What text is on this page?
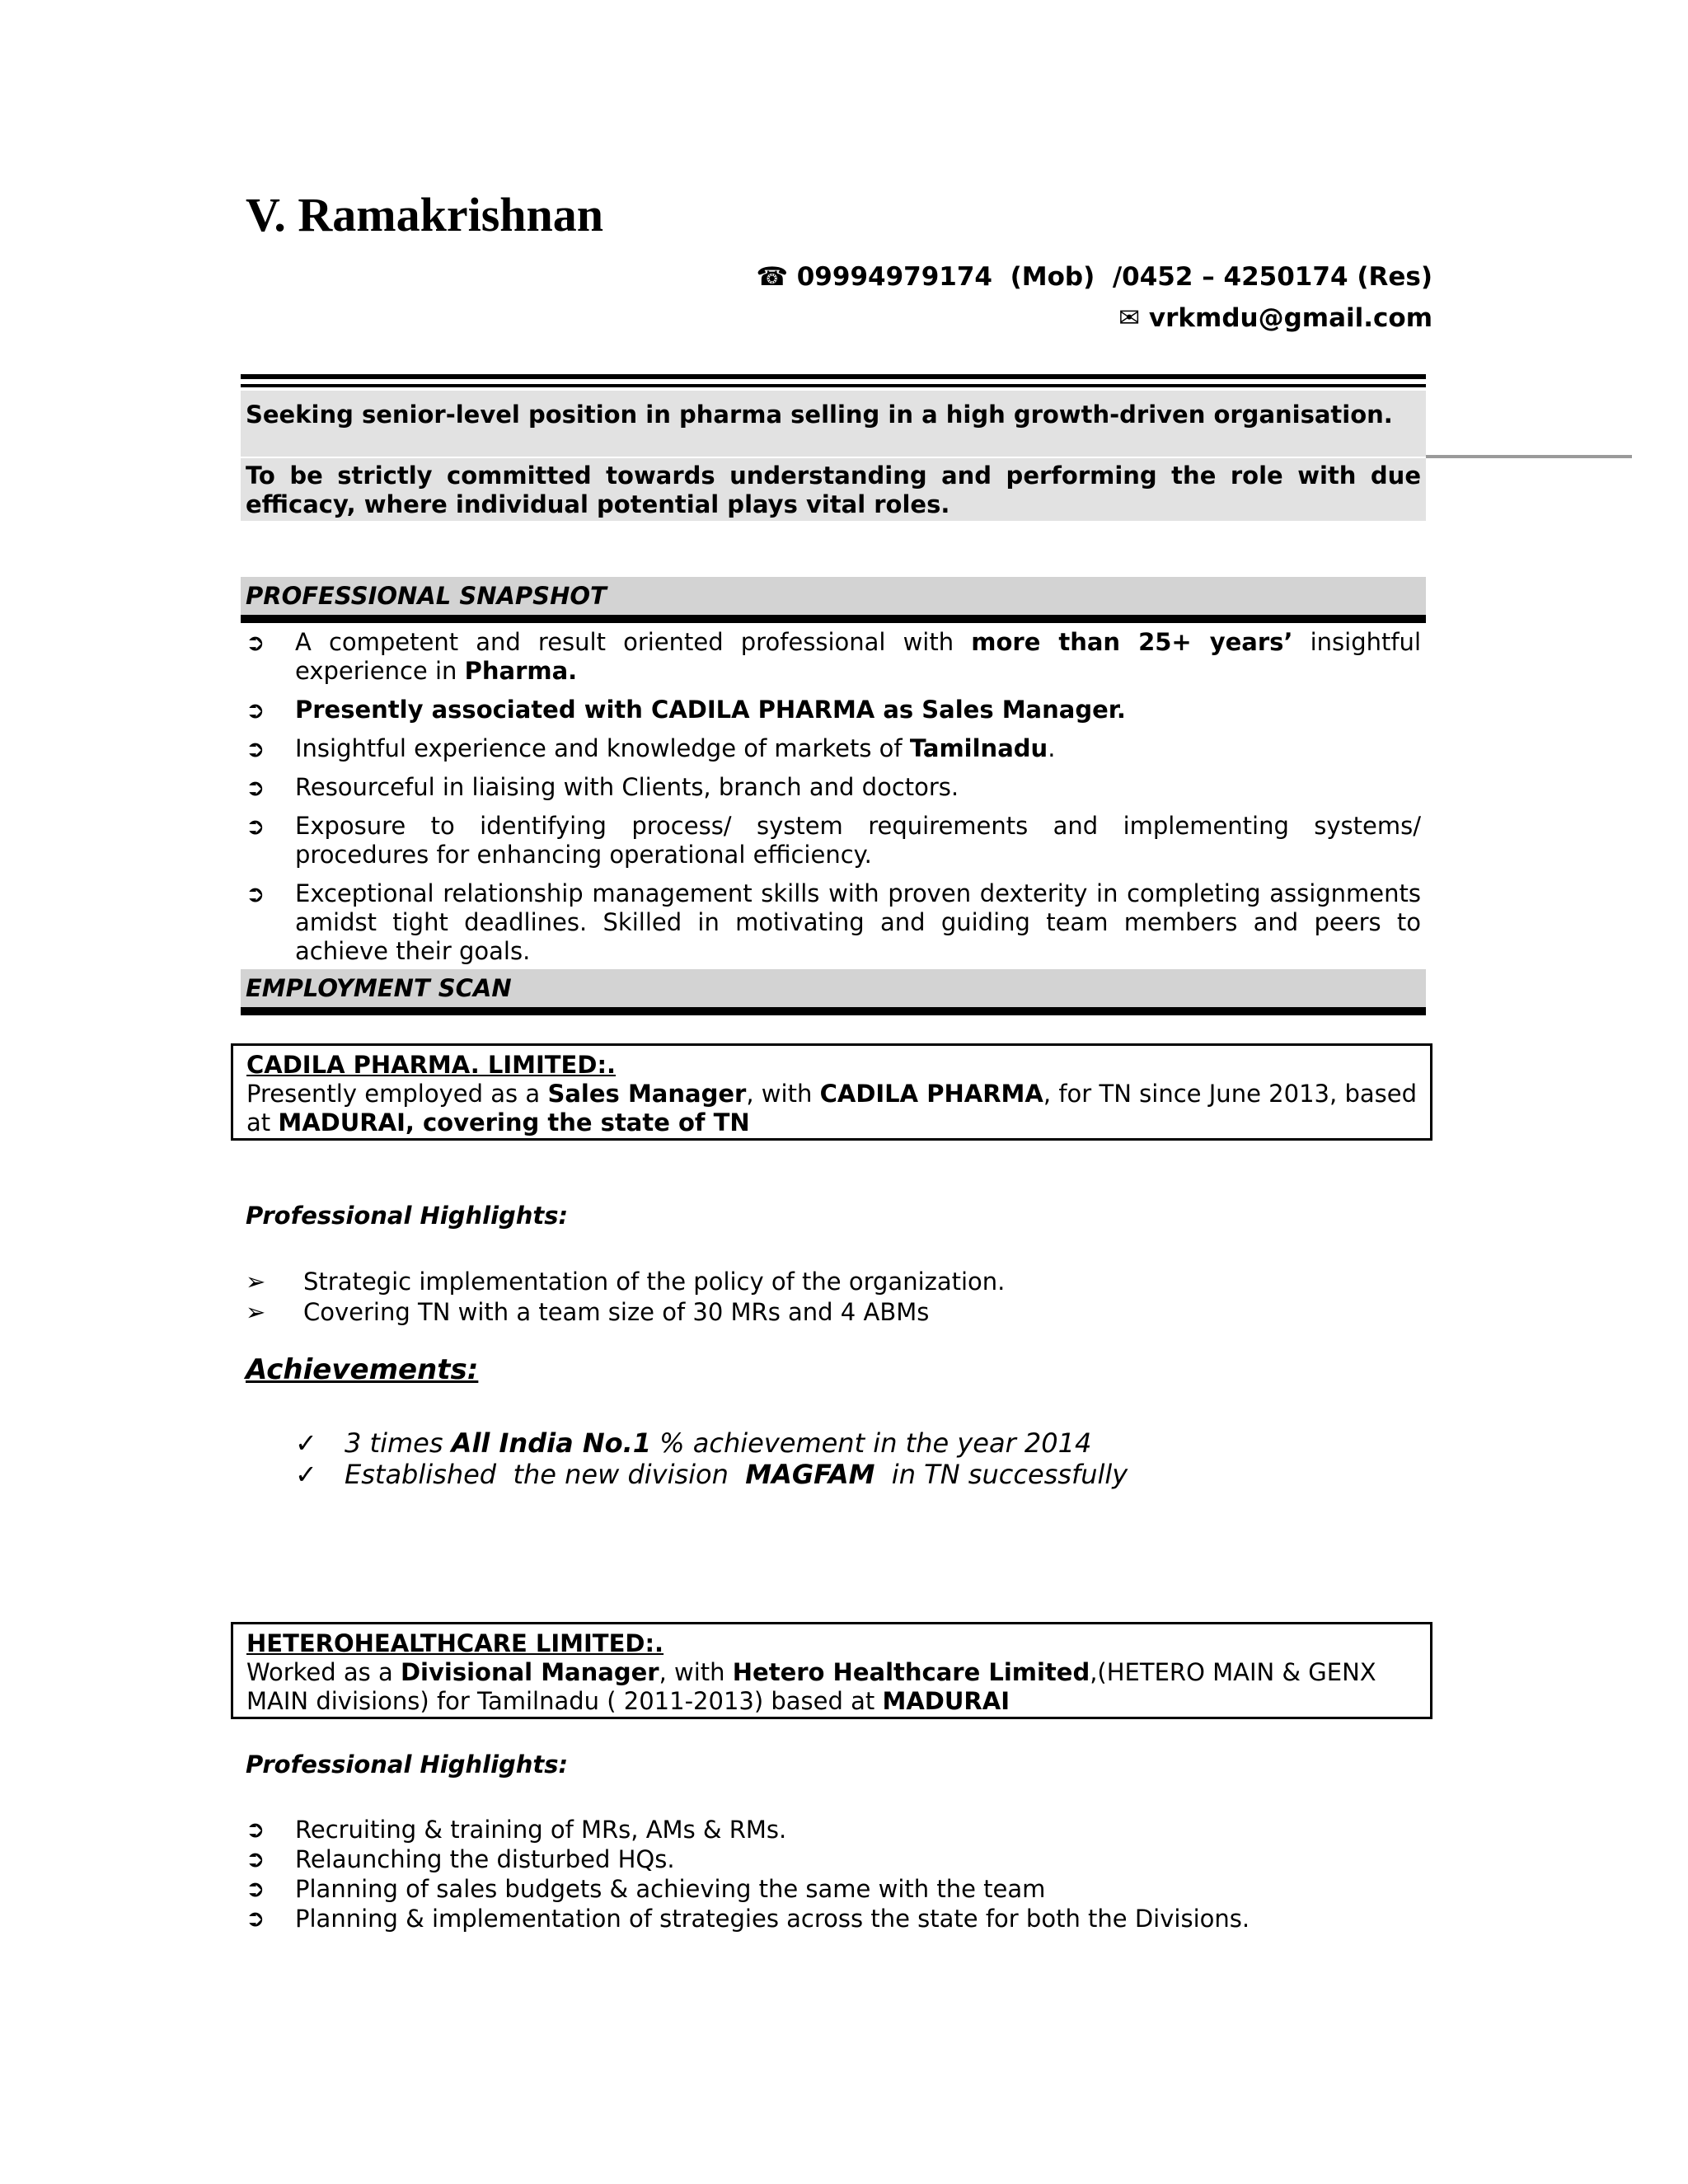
V. Ramakrishnan
☎ 09994979174  (Mob)  /0452 – 4250174 (Res)
✉ vrkmdu@gmail.com
Seeking senior-level position in pharma selling in a high growth-driven organisation.
To be strictly committed towards understanding and performing the role with due efficacy, where individual potential plays vital roles.
PROFESSIONAL SNAPSHOT
➲	A competent and result oriented professional with more than 25+ years’ insightful experience in Pharma.
➲	Presently associated with CADILA PHARMA as Sales Manager.
➲	Insightful experience and knowledge of markets of Tamilnadu.
➲	Resourceful in liaising with Clients, branch and doctors.
➲	Exposure to identifying process/ system requirements and implementing systems/ procedures for enhancing operational efficiency.
➲	Exceptional relationship management skills with proven dexterity in completing assignments amidst tight deadlines. Skilled in motivating and guiding team members and peers to achieve their goals.
EMPLOYMENT SCAN
CADILA PHARMA. LIMITED:.
Presently employed as a Sales Manager, with CADILA PHARMA, for TN since June 2013, based at MADURAI, covering the state of TN
Professional Highlights:
➢ Strategic implementation of the policy of the organization.
➢ Covering TN with a team size of 30 MRs and 4 ABMs
Achievements:
✓ 3 times All India No.1 % achievement in the year 2014
✓ Established  the new division  MAGFAM  in TN successfully
HETEROHEALTHCARE LIMITED:.
Worked as a Divisional Manager, with Hetero Healthcare Limited,(HETERO MAIN & GENX MAIN divisions) for Tamilnadu ( 2011-2013) based at MADURAI
Professional Highlights:
➲	Recruiting & training of MRs, AMs & RMs.
➲	Relaunching the disturbed HQs.
➲	Planning of sales budgets & achieving the same with the team
➲	Planning & implementation of strategies across the state for both the Divisions.
